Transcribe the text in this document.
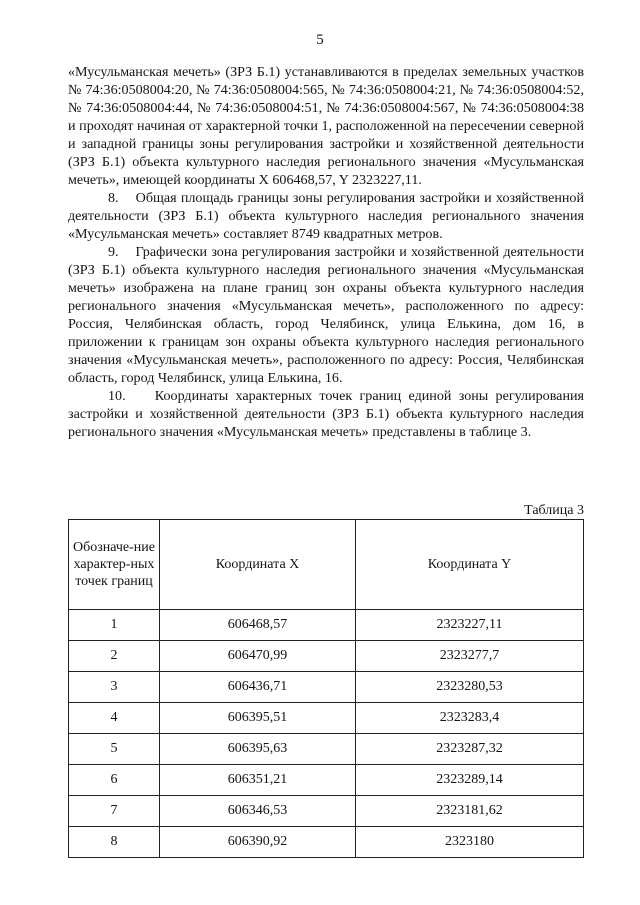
5

«Мусульманская мечеть» (ЗРЗ Б.1) устанавливаются в пределах земельных участков № 74:36:0508004:20, № 74:36:0508004:565, № 74:36:0508004:21, № 74:36:0508004:52, № 74:36:0508004:44, № 74:36:0508004:51, № 74:36:0508004:567, № 74:36:0508004:38 и проходят начиная от характерной точки 1, расположенной на пересечении северной и западной границы зоны регулирования застройки и хозяйственной деятельности (ЗРЗ Б.1) объекта культурного наследия регионального значения «Мусульманская мечеть», имеющей координаты X 606468,57, Y 2323227,11.

8. Общая площадь границы зоны регулирования застройки и хозяйственной деятельности (ЗРЗ Б.1) объекта культурного наследия регионального значения «Мусульманская мечеть» составляет 8749 квадратных метров.

9. Графически зона регулирования застройки и хозяйственной деятельности (ЗРЗ Б.1) объекта культурного наследия регионального значения «Мусульманская мечеть» изображена на плане границ зон охраны объекта культурного наследия регионального значения «Мусульманская мечеть», расположенного по адресу: Россия, Челябинская область, город Челябинск, улица Елькина, дом 16, в приложении к границам зон охраны объекта культурного наследия регионального значения «Мусульманская мечеть», расположенного по адресу: Россия, Челябинская область, город Челябинск, улица Елькина, 16.

10. Координаты характерных точек границ единой зоны регулирования застройки и хозяйственной деятельности (ЗРЗ Б.1) объекта культурного наследия регионального значения «Мусульманская мечеть» представлены в таблице 3.

Таблица 3
Обозначе-ние характер-ных точек границ	Координата X	Координата Y
1	606468,57	2323227,11
2	606470,99	2323277,7
3	606436,71	2323280,53
4	606395,51	2323283,4
5	606395,63	2323287,32
6	606351,21	2323289,14
7	606346,53	2323181,62
8	606390,92	2323180
